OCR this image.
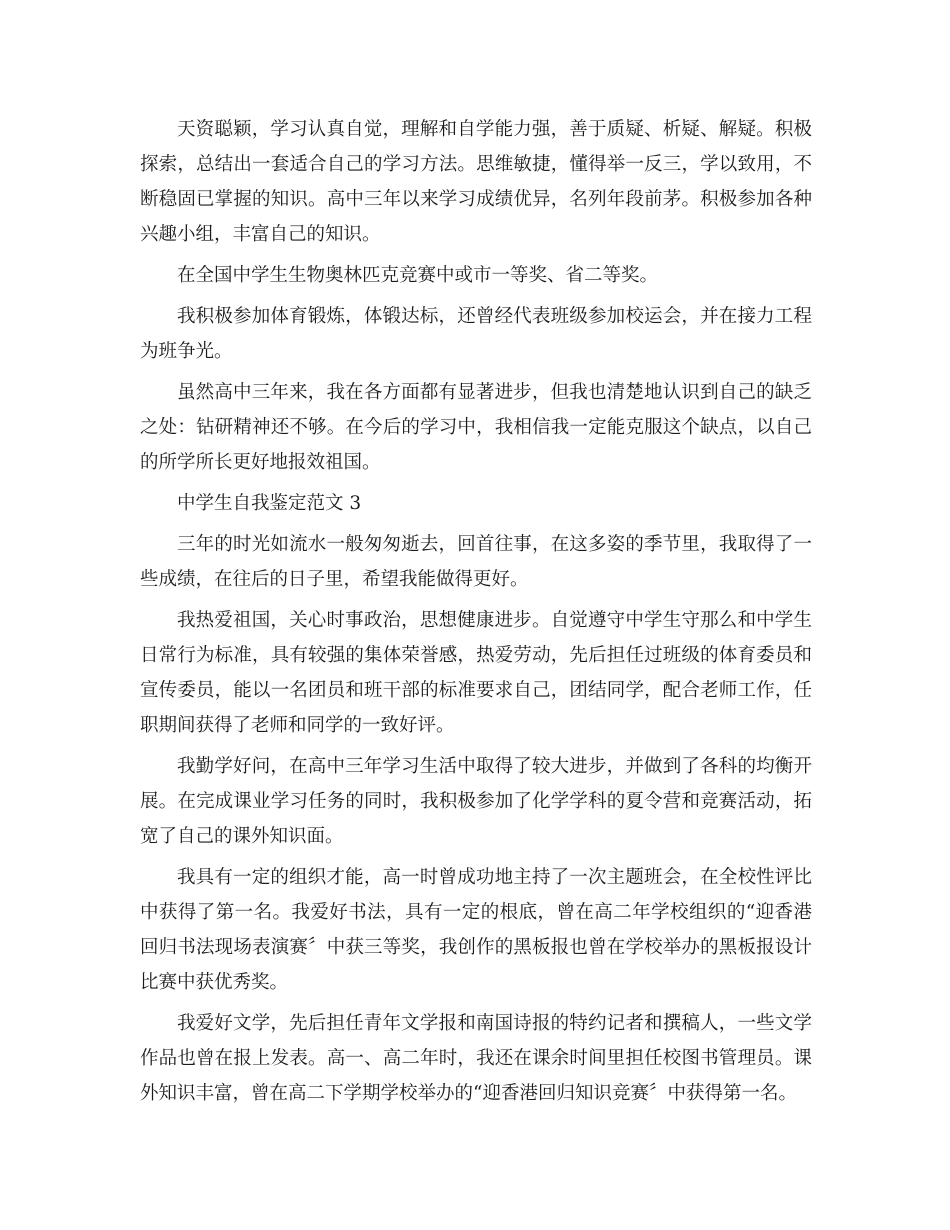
天资聪颖，学习认真自觉，理解和自学能力强，善于质疑、析疑、解疑。积极探索，总结出一套适合自己的学习方法。思维敏捷，懂得举一反三，学以致用，不断稳固已掌握的知识。高中三年以来学习成绩优异，名列年段前茅。积极参加各种兴趣小组，丰富自己的知识。

在全国中学生生物奥林匹克竞赛中或市一等奖、省二等奖。

我积极参加体育锻炼，体锻达标，还曾经代表班级参加校运会，并在接力工程为班争光。

虽然高中三年来，我在各方面都有显著进步，但我也清楚地认识到自己的缺乏之处：钻研精神还不够。在今后的学习中，我相信我一定能克服这个缺点，以自己的所学所长更好地报效祖国。

中学生自我鉴定范文 3

三年的时光如流水一般匆匆逝去，回首往事，在这多姿的季节里，我取得了一些成绩，在往后的日子里，希望我能做得更好。

我热爱祖国，关心时事政治，思想健康进步。自觉遵守中学生守那么和中学生日常行为标准，具有较强的集体荣誉感，热爱劳动，先后担任过班级的体育委员和宣传委员，能以一名团员和班干部的标准要求自己，团结同学，配合老师工作，任职期间获得了老师和同学的一致好评。

我勤学好问，在高中三年学习生活中取得了较大进步，并做到了各科的均衡开展。在完成课业学习任务的同时，我积极参加了化学学科的夏令营和竞赛活动，拓宽了自己的课外知识面。

我具有一定的组织才能，高一时曾成功地主持了一次主题班会，在全校性评比中获得了第一名。我爱好书法，具有一定的根底，曾在高二年学校组织的“迎香港回归书法现场表演赛〞中获三等奖，我创作的黑板报也曾在学校举办的黑板报设计比赛中获优秀奖。

我爱好文学，先后担任青年文学报和南国诗报的特约记者和撰稿人，一些文学作品也曾在报上发表。高一、高二年时，我还在课余时间里担任校图书管理员。课外知识丰富，曾在高二下学期学校举办的“迎香港回归知识竞赛〞中获得第一名。
